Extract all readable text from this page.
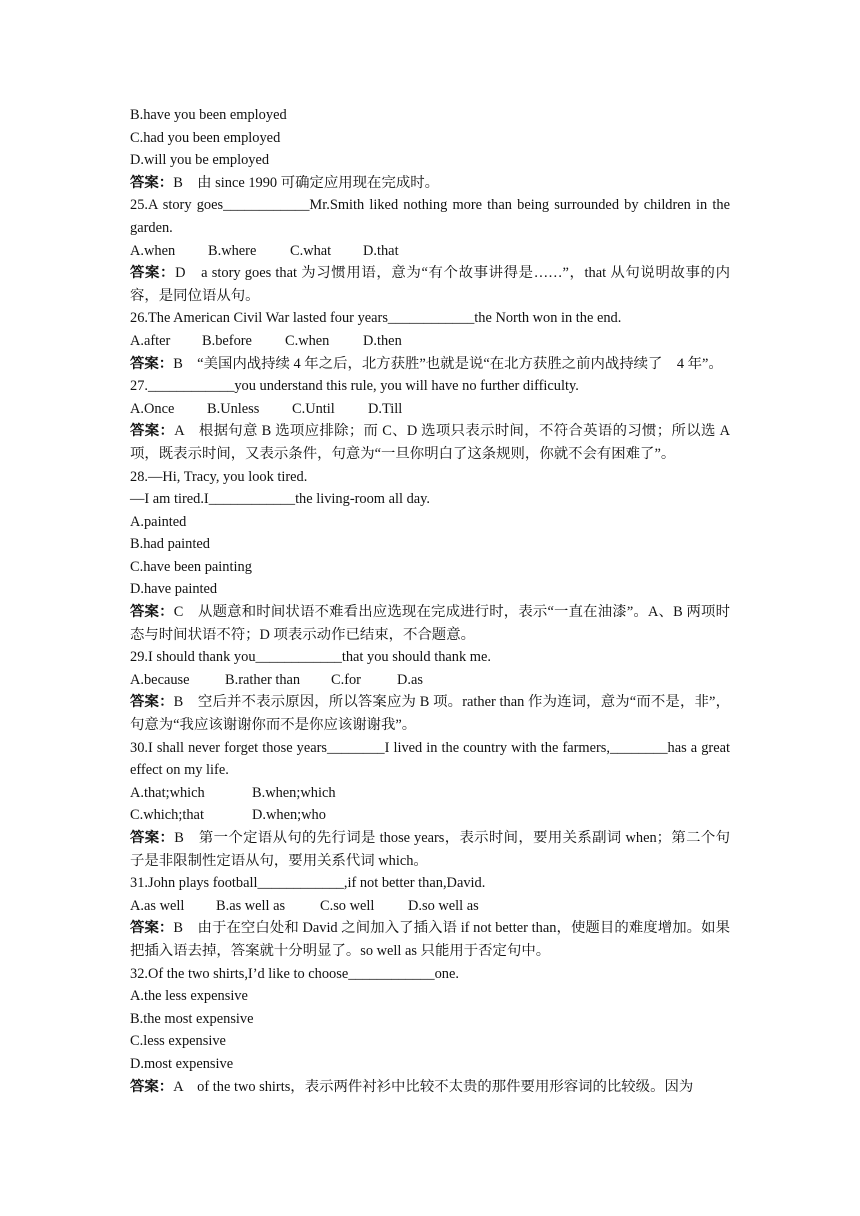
B.have you been employed
C.had you been employed
D.will you be employed
答案：B　由 since 1990 可确定应用现在完成时。
25.A story goes____________Mr.Smith liked nothing more than being surrounded by children in the garden.
A.when B.where C.what D.that
答案：D　a story goes that 为习惯用语，意为“有个故事讲得是……”，that 从句说明故事的内容，是同位语从句。
26.The American Civil War lasted four years____________the North won in the end.
A.after B.before C.when D.then
答案：B　“美国内战持续 4 年之后，北方获胜”也就是说“在北方获胜之前内战持续了　4 年”。
27.____________you understand this rule, you will have no further difficulty.
A.Once B.Unless C.Until D.Till
答案：A　根据句意 B 选项应排除；而 C、D 选项只表示时间，不符合英语的习惯；所以选 A 项，既表示时间，又表示条件，句意为“一旦你明白了这条规则，你就不会有困难了”。
28.—Hi, Tracy, you look tired.
—I am tired.I____________the living-room all day.
A.painted
B.had painted
C.have been painting
D.have painted
答案：C　从题意和时间状语不难看出应选现在完成进行时，表示“一直在油漆”。A、B 两项时态与时间状语不符；D 项表示动作已结束，不合题意。
29.I should thank you____________that you should thank me.
A.because B.rather than C.for	D.as
答案：B　空后并不表示原因，所以答案应为 B 项。rather than 作为连词，意为“而不是，非”，句意为“我应该谢谢你而不是你应该谢谢我”。
30.I shall never forget those years________I lived in the country with the farmers,________has a great effect on my life.
A.that;which	B.when;which
C.which;that	D.when;who
答案：B　第一个定语从句的先行词是 those years，表示时间，要用关系副词 when；第二个句子是非限制性定语从句，要用关系代词 which。
31.John plays football____________,if not better than,David.
A.as well B.as well as C.so well D.so well as
答案：B　由于在空白处和 David 之间加入了插入语 if not better than，使题目的难度增加。如果把插入语去掉，答案就十分明显了。so well as 只能用于否定句中。
32.Of the two shirts,I’d like to choose____________one.
A.the less expensive
B.the most expensive
C.less expensive
D.most expensive
答案：A　of the two shirts，表示两件衬衫中比较不太贵的那件要用形容词的比较级。因为
